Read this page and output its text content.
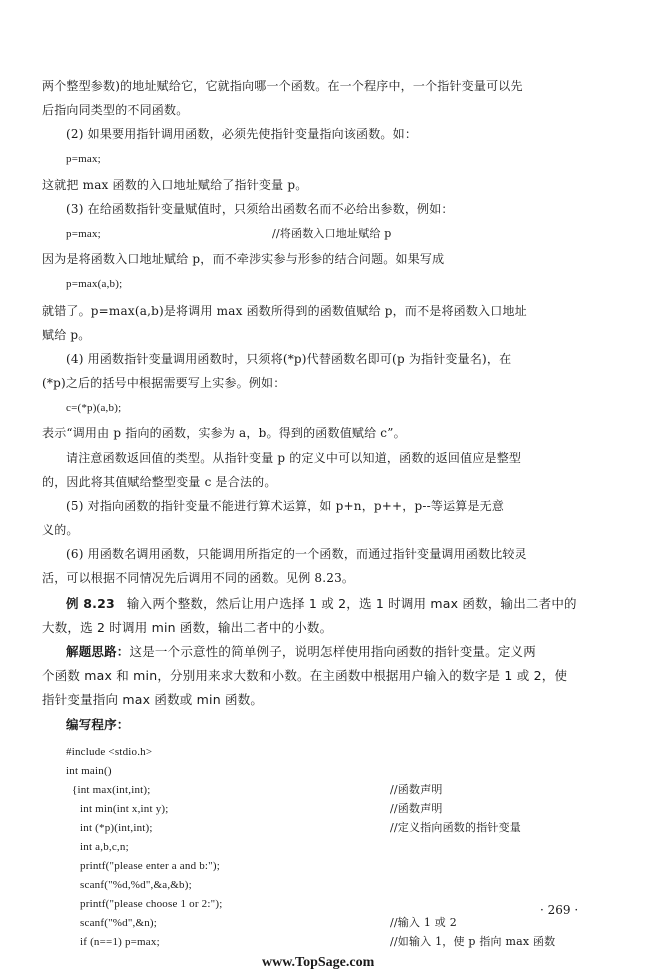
两个整型参数)的地址赋给它，它就指向哪一个函数。在一个程序中，一个指针变量可以先
后指向同类型的不同函数。
(2) 如果要用指针调用函数，必须先使指针变量指向该函数。如：
p=max;
这就把 max 函数的入口地址赋给了指针变量 p。
(3) 在给函数指针变量赋值时，只须给出函数名而不必给出参数，例如：
p=max;	//将函数入口地址赋给 p
因为是将函数入口地址赋给 p，而不牵涉实参与形参的结合问题。如果写成
p=max(a,b);
就错了。p=max(a,b)是将调用 max 函数所得到的函数值赋给 p，而不是将函数入口地址
赋给 p。
(4) 用函数指针变量调用函数时，只须将(*p)代替函数名即可(p 为指针变量名)，在
(*p)之后的括号中根据需要写上实参。例如：
c=(*p)(a,b);
表示“调用由 p 指向的函数，实参为 a，b。得到的函数值赋给 c”。
请注意函数返回值的类型。从指针变量 p 的定义中可以知道，函数的返回值应是整型
的，因此将其值赋给整型变量 c 是合法的。
(5) 对指向函数的指针变量不能进行算术运算，如 p+n，p++，p--等运算是无意
义的。
(6) 用函数名调用函数，只能调用所指定的一个函数，而通过指针变量调用函数比较灵
活，可以根据不同情况先后调用不同的函数。见例 8.23。
例 8.23 输入两个整数，然后让用户选择 1 或 2，选 1 时调用 max 函数，输出二者中的
大数，选 2 时调用 min 函数，输出二者中的小数。
解题思路：这是一个示意性的简单例子，说明怎样使用指向函数的指针变量。定义两
个函数 max 和 min，分别用来求大数和小数。在主函数中根据用户输入的数字是 1 或 2，使
指针变量指向 max 函数或 min 函数。
编写程序：
#include <stdio.h>
int main()
{int max(int,int);	//函数声明
int min(int x,int y);	//函数声明
int (*p)(int,int);	//定义指向函数的指针变量
int a,b,c,n;
printf("please enter a and b:");
scanf("%d,%d",&a,&b);
printf("please choose 1 or 2:");
scanf("%d",&n);	//输入 1 或 2
if (n==1) p=max;	//如输入 1，使 p 指向 max 函数
· 269 ·
www.TopSage.com
